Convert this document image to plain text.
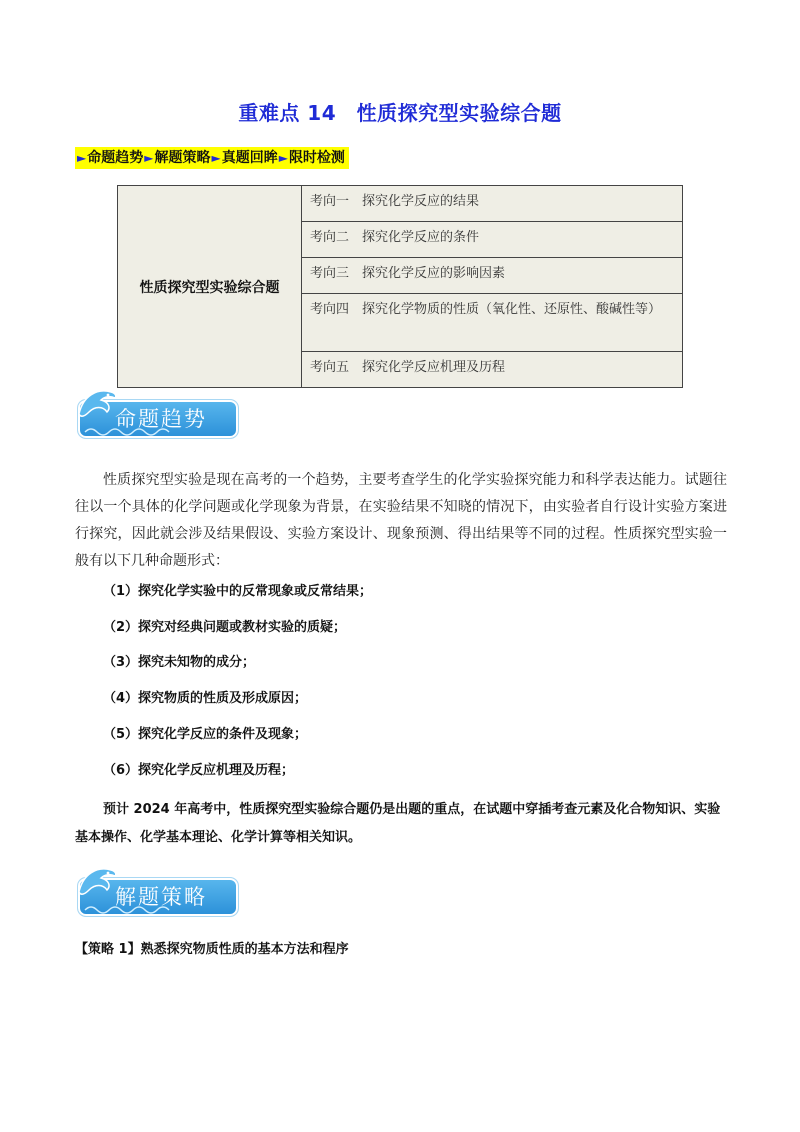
重难点 14　性质探究型实验综合题
►命题趋势►解题策略►真题回眸►限时检测
性质探究型实验综合题	考向一　探究化学反应的结果
考向二　探究化学反应的条件
考向三　探究化学反应的影响因素
考向四　探究化学物质的性质（氧化性、还原性、酸碱性等）
考向五　探究化学反应机理及历程
命题趋势
性质探究型实验是现在高考的一个趋势，主要考查学生的化学实验探究能力和科学表达能力。试题往往以一个具体的化学问题或化学现象为背景，在实验结果不知晓的情况下，由实验者自行设计实验方案进行探究，因此就会涉及结果假设、实验方案设计、现象预测、得出结果等不同的过程。性质探究型实验一般有以下几种命题形式：
（1）探究化学实验中的反常现象或反常结果；
（2）探究对经典问题或教材实验的质疑；
（3）探究未知物的成分；
（4）探究物质的性质及形成原因；
（5）探究化学反应的条件及现象；
（6）探究化学反应机理及历程；
预计 2024 年高考中，性质探究型实验综合题仍是出题的重点，在试题中穿插考查元素及化合物知识、实验基本操作、化学基本理论、化学计算等相关知识。
解题策略
【策略 1】熟悉探究物质性质的基本方法和程序
